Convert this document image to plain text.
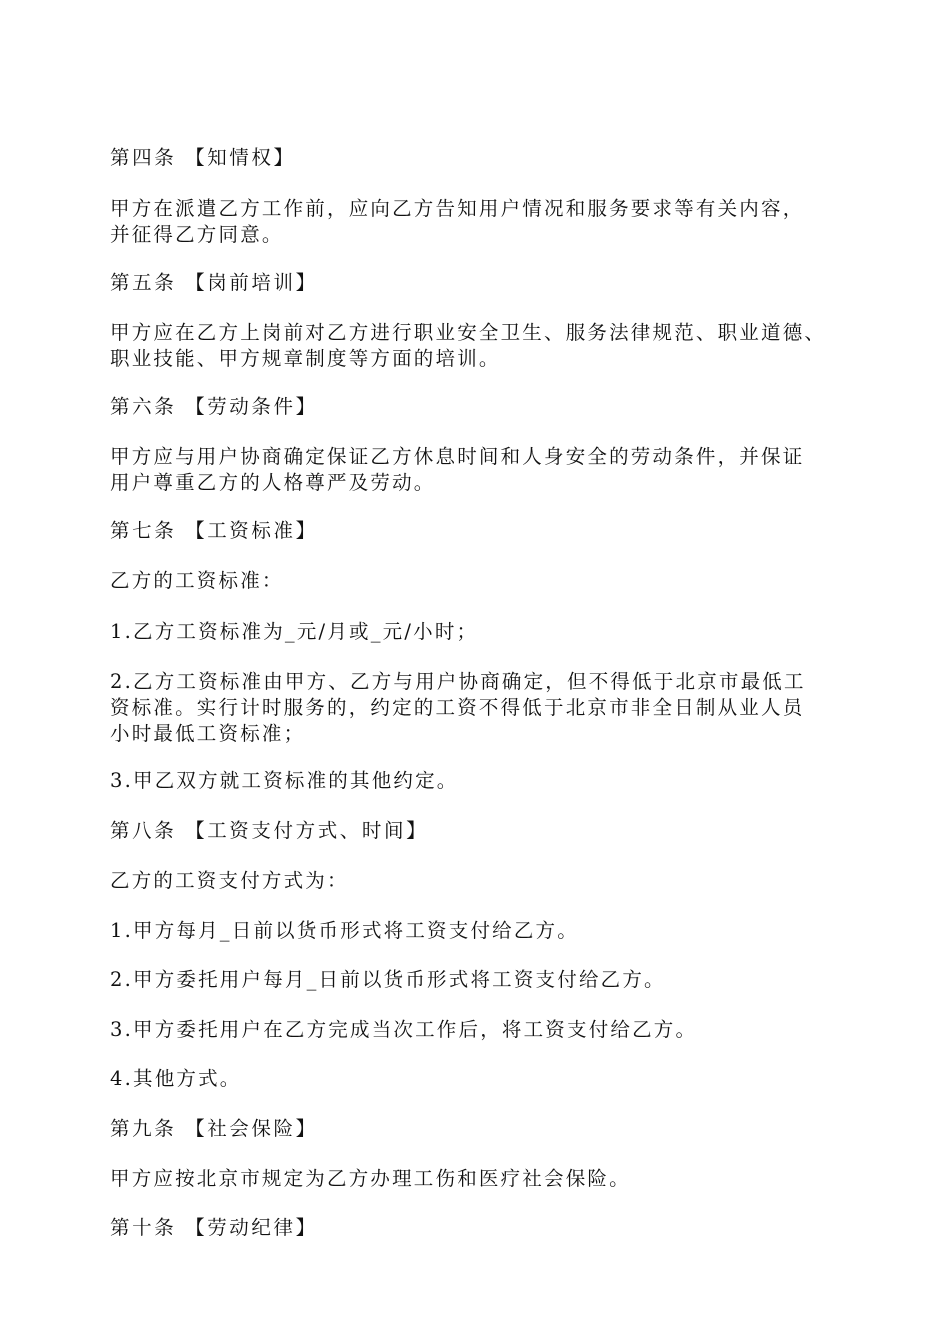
第四条 【知情权】

甲方在派遣乙方工作前，应向乙方告知用户情况和服务要求等有关内容，
并征得乙方同意。

第五条 【岗前培训】

甲方应在乙方上岗前对乙方进行职业安全卫生、服务法律规范、职业道德、
职业技能、甲方规章制度等方面的培训。

第六条 【劳动条件】

甲方应与用户协商确定保证乙方休息时间和人身安全的劳动条件，并保证
用户尊重乙方的人格尊严及劳动。

第七条 【工资标准】

乙方的工资标准：

1.乙方工资标准为_元/月或_元/小时；

2.乙方工资标准由甲方、乙方与用户协商确定，但不得低于北京市最低工
资标准。实行计时服务的，约定的工资不得低于北京市非全日制从业人员
小时最低工资标准；

3.甲乙双方就工资标准的其他约定。

第八条 【工资支付方式、时间】

乙方的工资支付方式为：

1.甲方每月_日前以货币形式将工资支付给乙方。

2.甲方委托用户每月_日前以货币形式将工资支付给乙方。

3.甲方委托用户在乙方完成当次工作后，将工资支付给乙方。

4.其他方式。

第九条 【社会保险】

甲方应按北京市规定为乙方办理工伤和医疗社会保险。

第十条 【劳动纪律】
